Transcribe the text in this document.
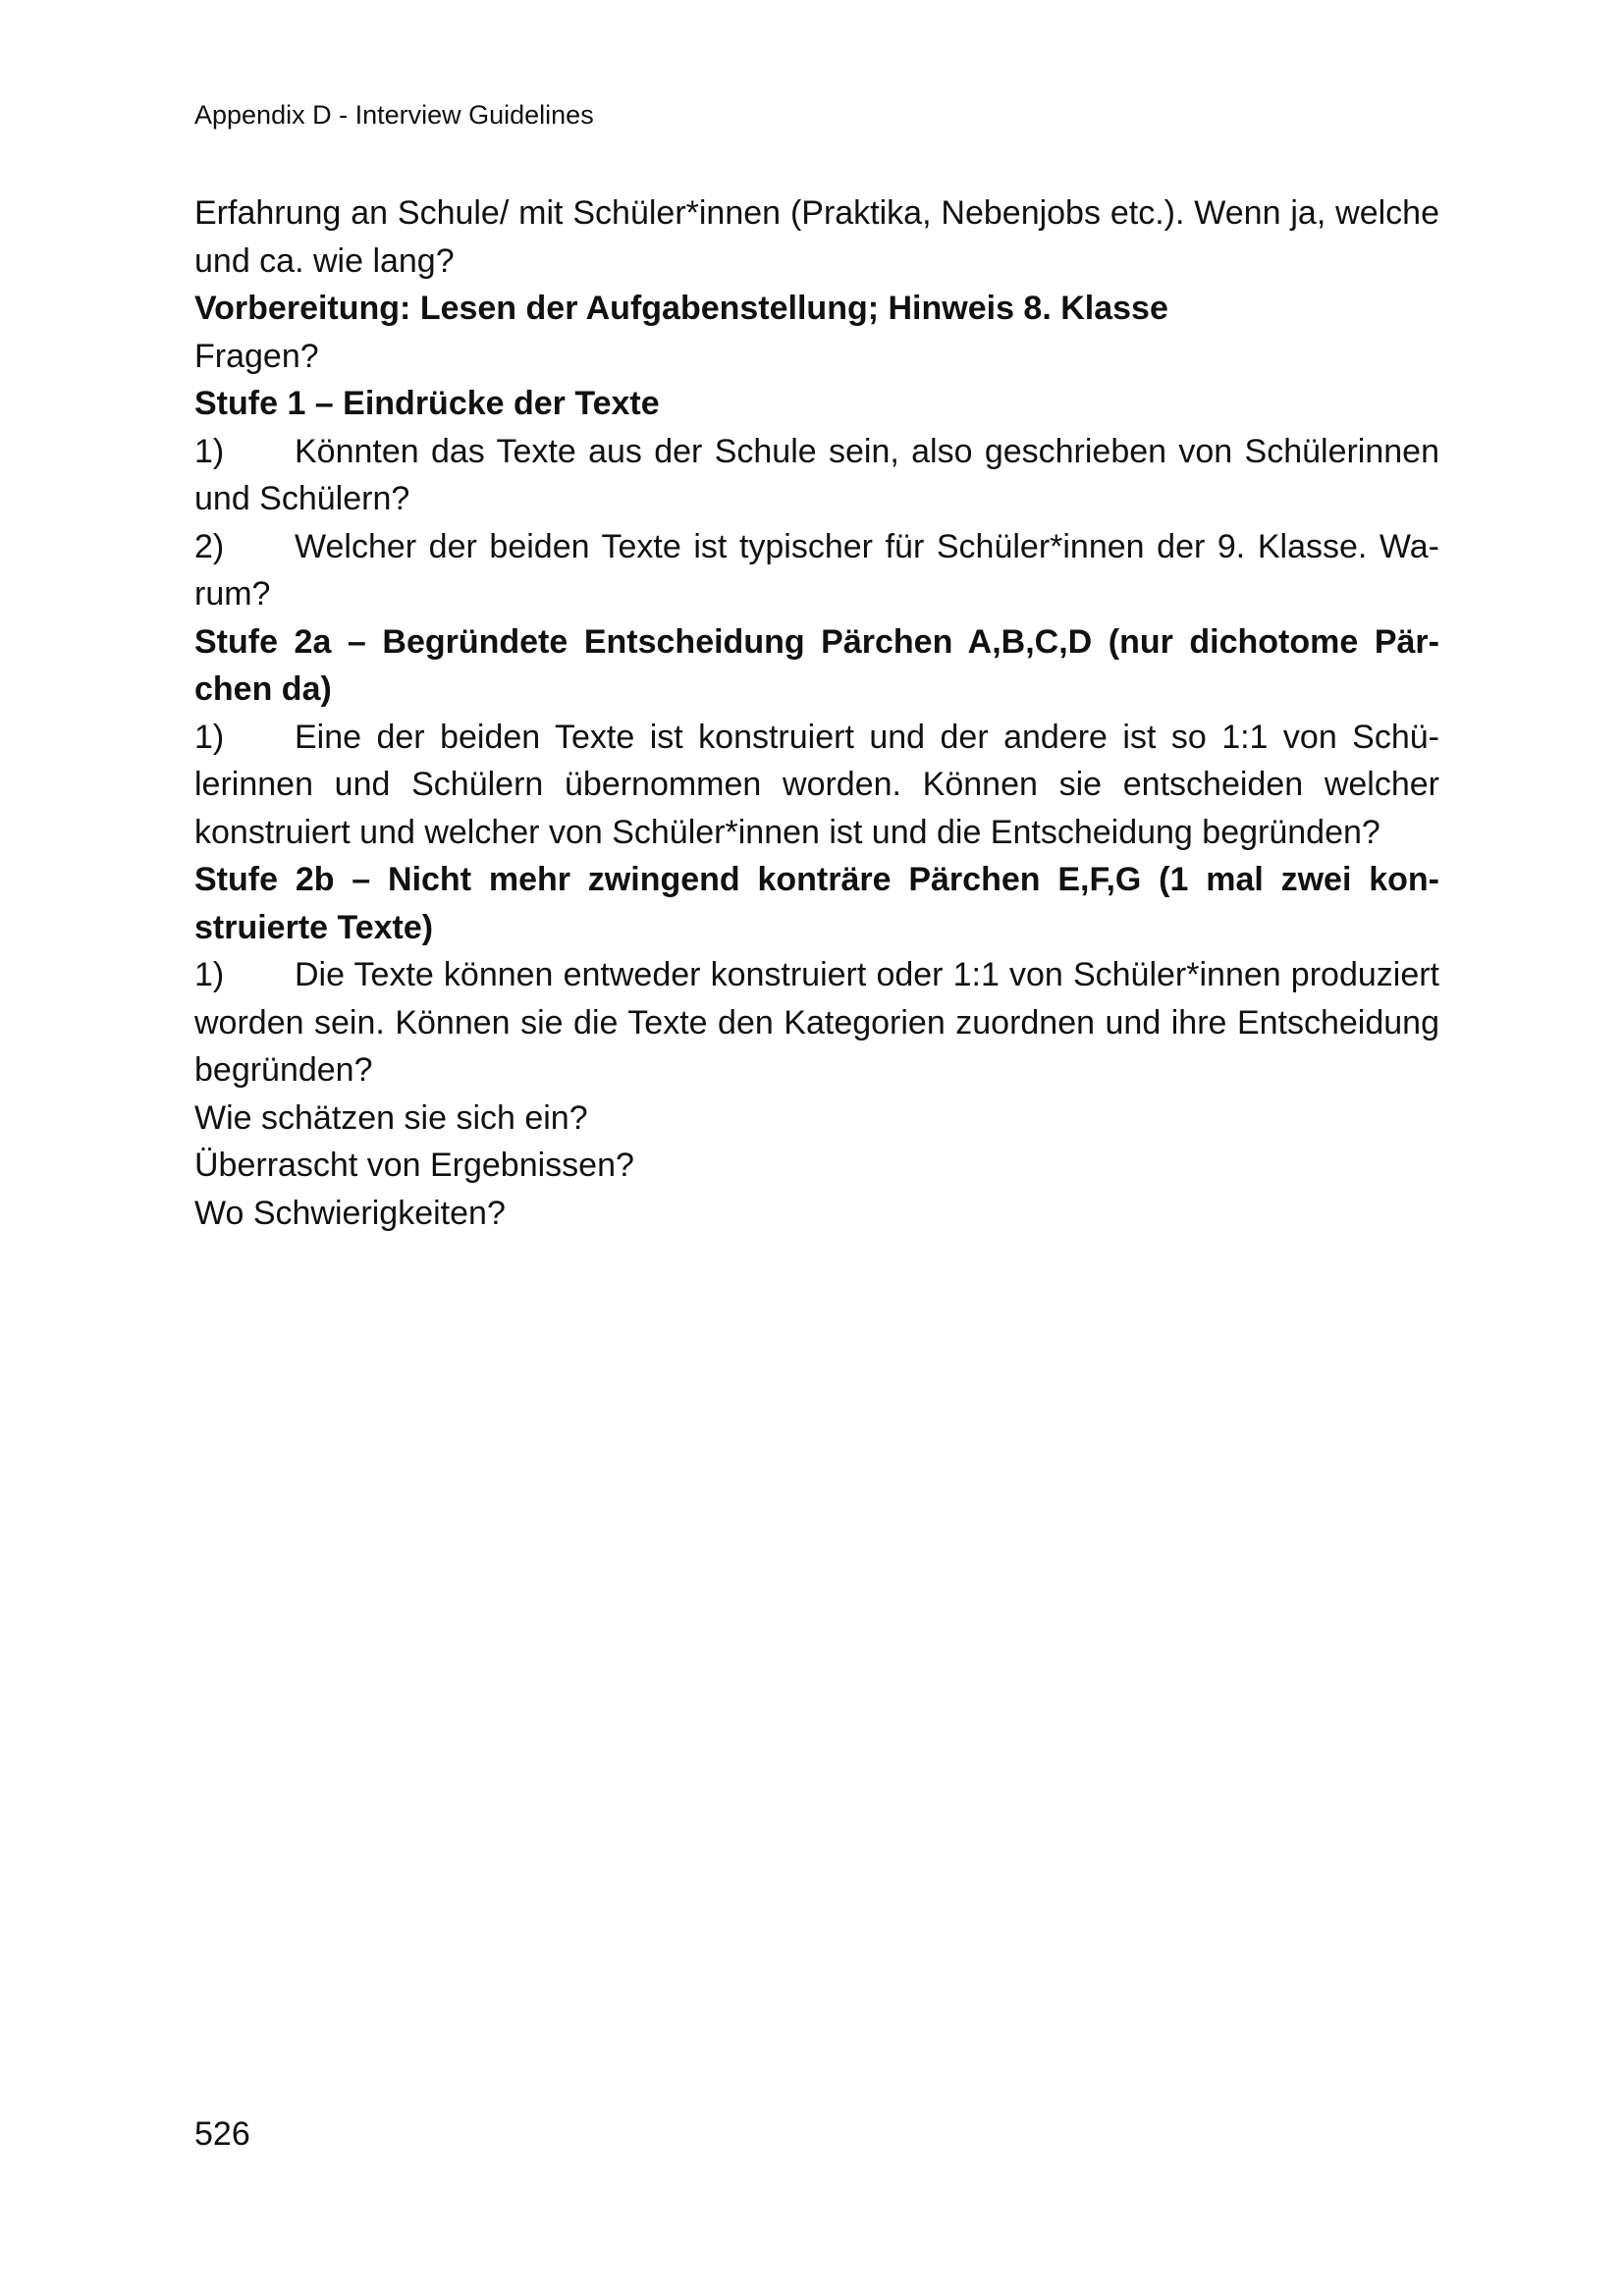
Appendix D - Interview Guidelines

Erfahrung an Schule/ mit Schüler*innen (Praktika, Nebenjobs etc.). Wenn ja, welche und ca. wie lang?

Vorbereitung: Lesen der Aufgabenstellung; Hinweis 8. Klasse

Fragen?

Stufe 1 – Eindrücke der Texte

1) Könnten das Texte aus der Schule sein, also geschrieben von Schülerinnen und Schülern?

2) Welcher der beiden Texte ist typischer für Schüler*innen der 9. Klasse. Warum?

Stufe 2a – Begründete Entscheidung Pärchen A,B,C,D (nur dichotome Pärchen da)

1) Eine der beiden Texte ist konstruiert und der andere ist so 1:1 von Schülerinnen und Schülern übernommen worden. Können sie entscheiden welcher konstruiert und welcher von Schüler*innen ist und die Entscheidung begründen?

Stufe 2b – Nicht mehr zwingend konträre Pärchen E,F,G (1 mal zwei konstruierte Texte)

1) Die Texte können entweder konstruiert oder 1:1 von Schüler*innen produziert worden sein. Können sie die Texte den Kategorien zuordnen und ihre Entscheidung begründen?

Wie schätzen sie sich ein?

Überrascht von Ergebnissen?

Wo Schwierigkeiten?

526
